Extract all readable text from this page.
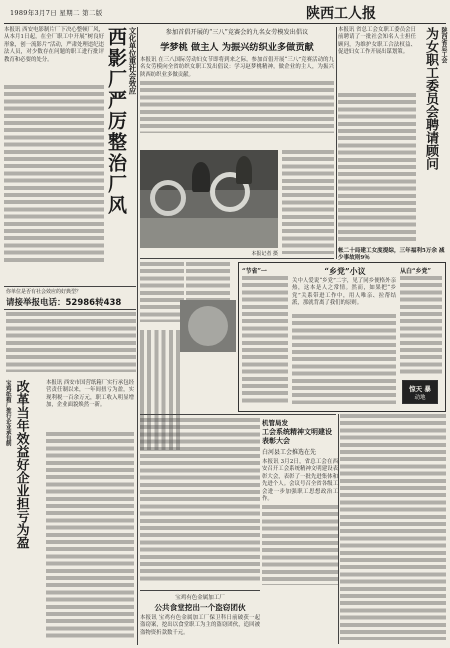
1989年3月7日 星期二 第二版	陕西工人报
文化单位重社会效应
西影厂严厉整治厂风
本报讯 西安电影制片厂下决心整顿厂风，从本月1日起，在全厂职工中开展“树良好形象，创一流影片”活动，严肃处理违纪违法人员，对少数存在问题的职工进行批评教育和必要的处分。
你单位是否有社会效应的好典型？
请接举报电话：52986转438
宝鸡纸箱厂推行企业承包制 改革当年效益好企业担亏为盈	本报讯 西安市国营纸箱厂实行承包经营责任制以来，一年间扭亏为盈，实现利税一百余万元，职工收入明显增加，企业面貌焕然一新。
参加首倡开展的“三八”竞赛会的九名女劳模发出倡议
学梦桃 做主人 为振兴纺织业多做贡献
本报讯 在三八国际劳动妇女节即将到来之际，参加首倡开展“三八”竞赛活动的九名女劳模向全省纺织女职工发出倡议：学习赵梦桃精神，做企业的主人，为振兴陕西纺织业多做贡献。
本报记者 摄
“节省”一	“乡党”小议	从白“乡党”
关中人爱说“乡党”二字，见了同乡便格外亲热，这本是人之常情。然而，如果把“乡党”关系带进工作中，用人唯亲、拉帮结派，那就背离了我们的原则。
惊天 暴
动地
陕西省总工会
为女职工委员会聘请顾问
本报讯 省总工会女职工委员会日前聘请了一批社会知名人士担任顾问，为维护女职工合法权益、促进妇女工作开展出谋划策。
帐二十局建工女度提综，三年福利5万余 减少事故则9％
机管局发
工会系统精神文明建设表彰大会
白河县工会推选在先
本报讯 3月2日，省总工会在西安召开工会系统精神文明建设表彰大会，表彰了一批先进集体和先进个人。会议号召全省各级工会进一步加强职工思想政治工作。
宝鸡有色金属加工厂
公共食堂挖出一个盗窃团伙
本报讯 宝鸡有色金属加工厂保卫科日前破获一起盗窃案，挖出以食堂职工为主的盗窃团伙，追回被盗物资折款数千元。
